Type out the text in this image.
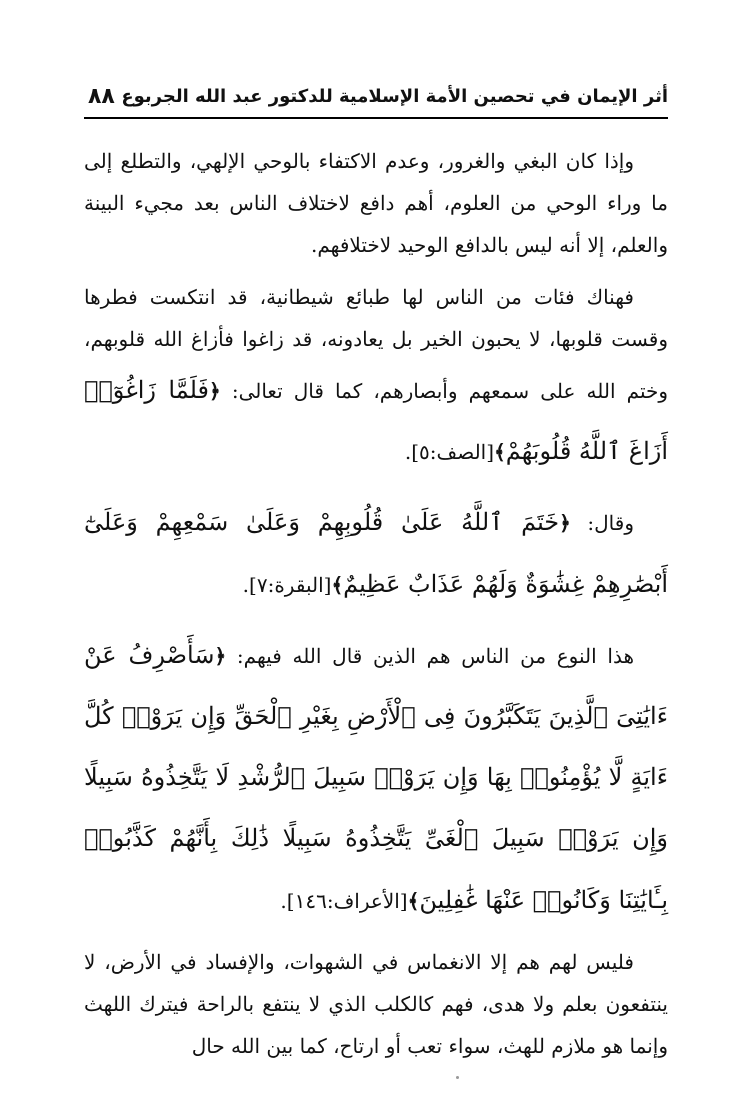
أثر الإيمان في تحصين الأمة الإسلامية للدكتور عبد الله الجربوع
٨٨

وإذا كان البغي والغرور، وعدم الاكتفاء بالوحي الإلهي، والتطلع إلى ما وراء الوحي من العلوم، أهم دافع لاختلاف الناس بعد مجيء البينة والعلم، إلا أنه ليس بالدافع الوحيد لاختلافهم.

فهناك فئات من الناس لها طبائع شيطانية، قد انتكست فطرها وقست قلوبها، لا يحبون الخير بل يعادونه، قد زاغوا فأزاغ الله قلوبهم، وختم الله على سمعهم وأبصارهم، كما قال تعالى: ﴿فَلَمَّا زَاغُوٓا۟ أَزَاغَ ٱللَّهُ قُلُوبَهُمْ﴾[الصف:٥].

وقال: ﴿خَتَمَ ٱللَّهُ عَلَىٰ قُلُوبِهِمْ وَعَلَىٰ سَمْعِهِمْ وَعَلَىٰٓ أَبْصَٰرِهِمْ غِشَٰوَةٌ وَلَهُمْ عَذَابٌ عَظِيمٌ﴾[البقرة:٧].

هذا النوع من الناس هم الذين قال الله فيهم: ﴿سَأَصْرِفُ عَنْ ءَايَٰتِىَ ٱلَّذِينَ يَتَكَبَّرُونَ فِى ٱلْأَرْضِ بِغَيْرِ ٱلْحَقِّ وَإِن يَرَوْا۟ كُلَّ ءَايَةٍ لَّا يُؤْمِنُوا۟ بِهَا وَإِن يَرَوْا۟ سَبِيلَ ٱلرُّشْدِ لَا يَتَّخِذُوهُ سَبِيلًا وَإِن يَرَوْا۟ سَبِيلَ ٱلْغَىِّ يَتَّخِذُوهُ سَبِيلًا ذَٰلِكَ بِأَنَّهُمْ كَذَّبُوا۟ بِـَٔايَٰتِنَا وَكَانُوا۟ عَنْهَا غَٰفِلِينَ﴾[الأعراف:١٤٦].

فليس لهم هم إلا الانغماس في الشهوات، والإفساد في الأرض، لا ينتفعون بعلم ولا هدى، فهم كالكلب الذي لا ينتفع بالراحة فيترك اللهث وإنما هو ملازم للهث، سواء تعب أو ارتاح، كما بين الله حال
